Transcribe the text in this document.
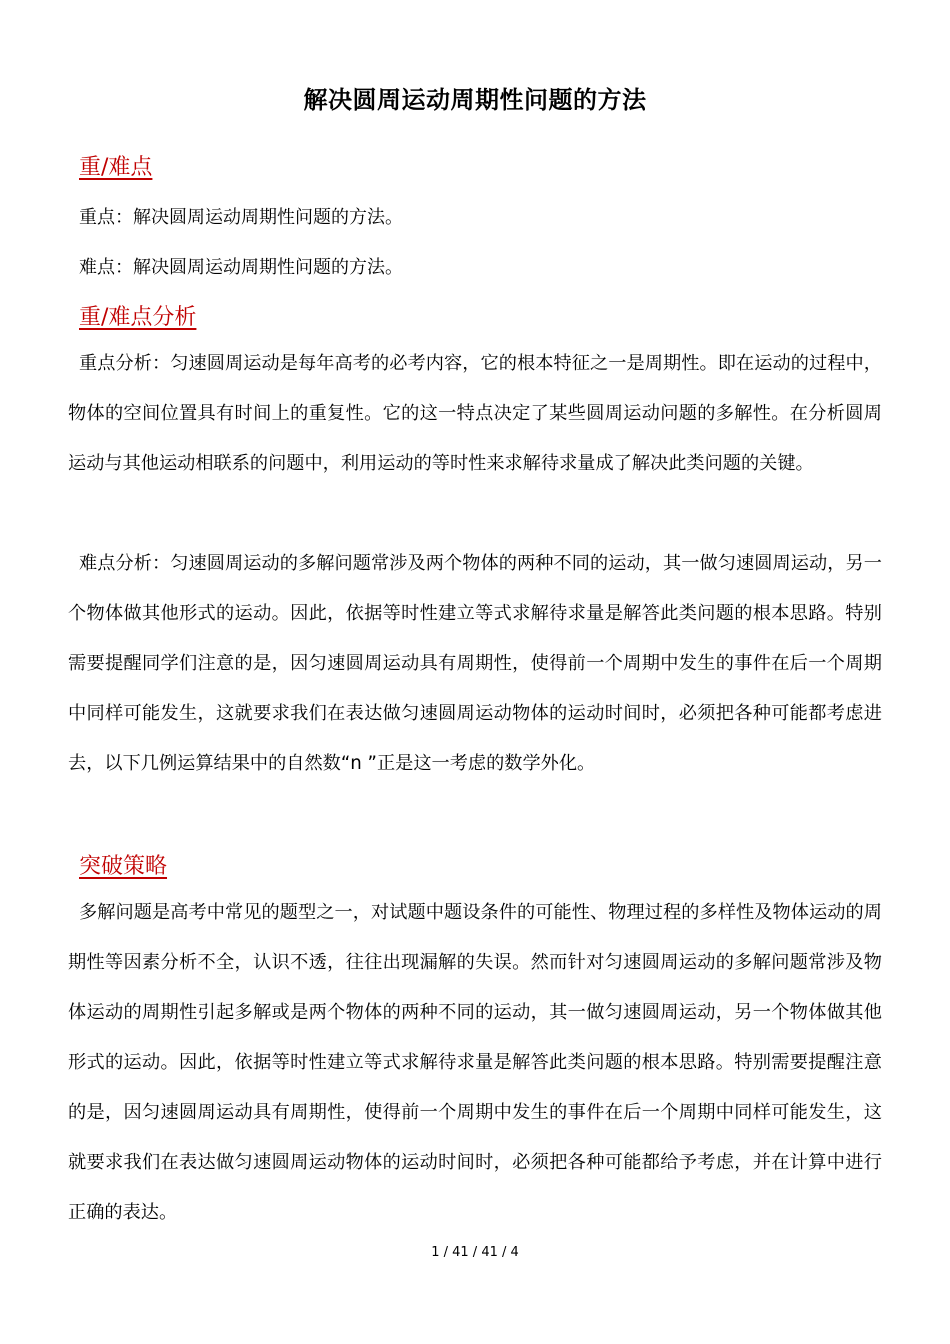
解决圆周运动周期性问题的方法
重/难点
重点：解决圆周运动周期性问题的方法。
难点：解决圆周运动周期性问题的方法。
重/难点分析
重点分析：匀速圆周运动是每年高考的必考内容，它的根本特征之一是周期性。即在运动的过程中，物体的空间位置具有时间上的重复性。它的这一特点决定了某些圆周运动问题的多解性。在分析圆周运动与其他运动相联系的问题中，利用运动的等时性来求解待求量成了解决此类问题的关键。
难点分析：匀速圆周运动的多解问题常涉及两个物体的两种不同的运动，其一做匀速圆周运动，另一个物体做其他形式的运动。因此，依据等时性建立等式求解待求量是解答此类问题的根本思路。特别需要提醒同学们注意的是，因匀速圆周运动具有周期性，使得前一个周期中发生的事件在后一个周期中同样可能发生，这就要求我们在表达做匀速圆周运动物体的运动时间时，必须把各种可能都考虑进去，以下几例运算结果中的自然数“n ”正是这一考虑的数学外化。
突破策略
多解问题是高考中常见的题型之一，对试题中题设条件的可能性、物理过程的多样性及物体运动的周期性等因素分析不全，认识不透，往往出现漏解的失误。然而针对匀速圆周运动的多解问题常涉及物体运动的周期性引起多解或是两个物体的两种不同的运动，其一做匀速圆周运动，另一个物体做其他形式的运动。因此，依据等时性建立等式求解待求量是解答此类问题的根本思路。特别需要提醒注意的是，因匀速圆周运动具有周期性，使得前一个周期中发生的事件在后一个周期中同样可能发生，这就要求我们在表达做匀速圆周运动物体的运动时间时，必须把各种可能都给予考虑，并在计算中进行正确的表达。
1 / 41 / 41 / 4
